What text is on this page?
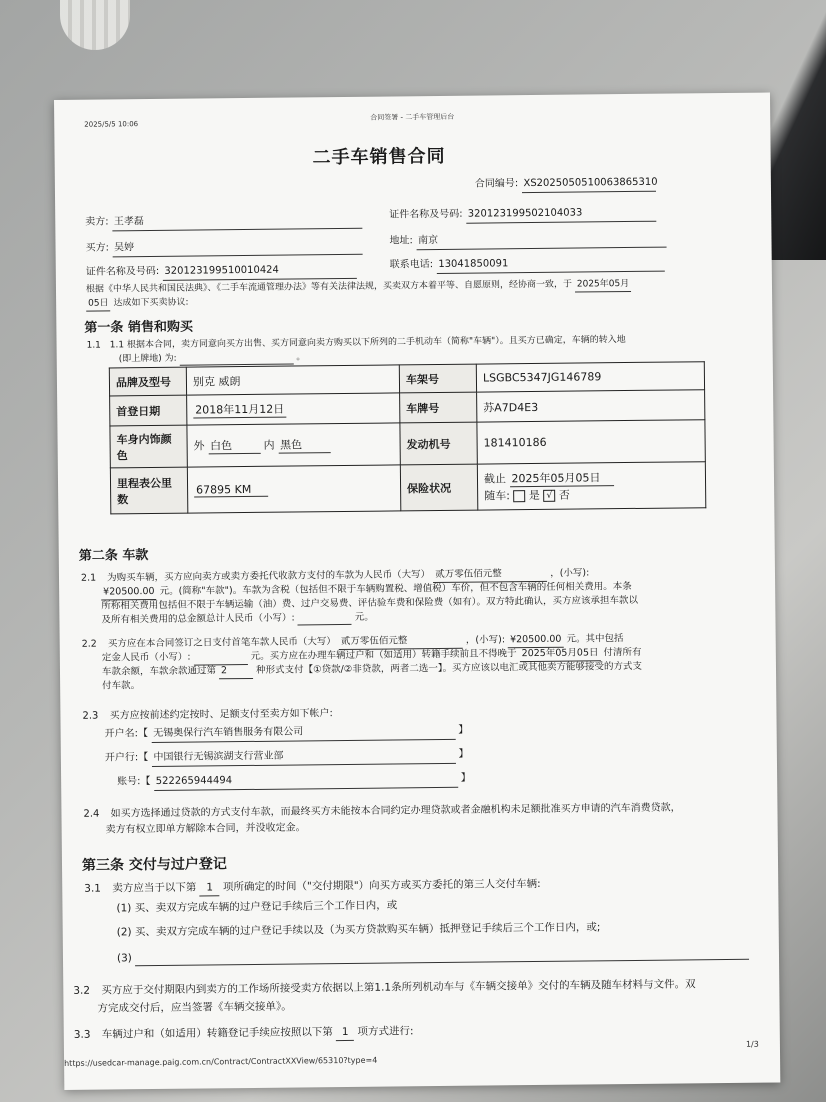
2025/5/5 10:06
合同签署 - 二手车管理后台
二手车销售合同
合同编号: XS2025050510063865310
卖方: 王孝磊
证件名称及号码: 320123199502104033
买方: 吴婷
地址: 南京
证件名称及号码: 320123199510010424	联系电话: 13041850091
根据《中华人民共和国民法典》、《二手车流通管理办法》等有关法律法规，买卖双方本着平等、自愿原则，经协商一致，于 2025年05月
05日 达成如下买卖协议:
第一条 销售和购买
1.1 1.1 根据本合同，卖方同意向买方出售、买方同意向卖方购买以下所列的二手机动车（简称"车辆"）。且买方已确定，车辆的转入地
(即上牌地) 为:	。
品牌及型号	别克 威朗	车架号	LSGBC5347JG146789
首登日期	2018年11月12日	车牌号	苏A7D4E3
车身内饰颜色	外 白色 内 黑色	发动机号	181410186
里程表公里数	67895 KM	保险状况	截止 2025年05月05日
随车: 是 √ 否
第二条 车款
2.1 为购买车辆，买方应向卖方或卖方委托代收款方支付的车款为人民币（大写） 贰万零伍佰元整	，(小写):
¥20500.00 元。(简称"车款")。车款为含税（包括但不限于车辆购置税、增值税）车价，但不包含车辆的任何相关费用。本条
所称相关费用包括但不限于车辆运输（油）费、过户交易费、评估验车费和保险费（如有）。双方特此确认，买方应该承担车款以
及所有相关费用的总金额总计人民币（小写）:	元。
2.2 买方应在本合同签订之日支付首笔车款人民币（大写） 贰万零伍佰元整	，(小写): ¥20500.00 元。其中包括
定金人民币（小写）:	元。买方应在办理车辆过户和（如适用）转籍手续前且不得晚于 2025年05月05日 付清所有
车款余额，车款余款通过第 2	种形式支付【①贷款/②非贷款，两者二选一】。买方应该以电汇或其他卖方能够接受的方式支
付车款。
2.3 买方应按前述约定按时、足额支付至卖方如下帐户:
开户名:【 无锡奥保行汽车销售服务有限公司	】
开户行:【 中国银行无锡滨湖支行营业部	】
账号:【 522265944494	】
2.4 如买方选择通过贷款的方式支付车款，而最终买方未能按本合同约定办理贷款或者金融机构未足额批准买方申请的汽车消费贷款，
卖方有权立即单方解除本合同，并没收定金。
第三条 交付与过户登记
3.1 卖方应当于以下第 1 项所确定的时间（"交付期限"）向买方或买方委托的第三人交付车辆:
(1) 买、卖双方完成车辆的过户登记手续后三个工作日内，或
(2) 买、卖双方完成车辆的过户登记手续以及（为买方贷款购买车辆）抵押登记手续后三个工作日内，或;
(3)
3.2 买方应于交付期限内到卖方的工作场所接受卖方依据以上第1.1条所列机动车与《车辆交接单》交付的车辆及随车材料与文件。双
方完成交付后，应当签署《车辆交接单》。
3.3 车辆过户和（如适用）转籍登记手续应按照以下第 1 项方式进行:
https://usedcar-manage.paig.com.cn/Contract/ContractXXView/65310?type=4
1/3
